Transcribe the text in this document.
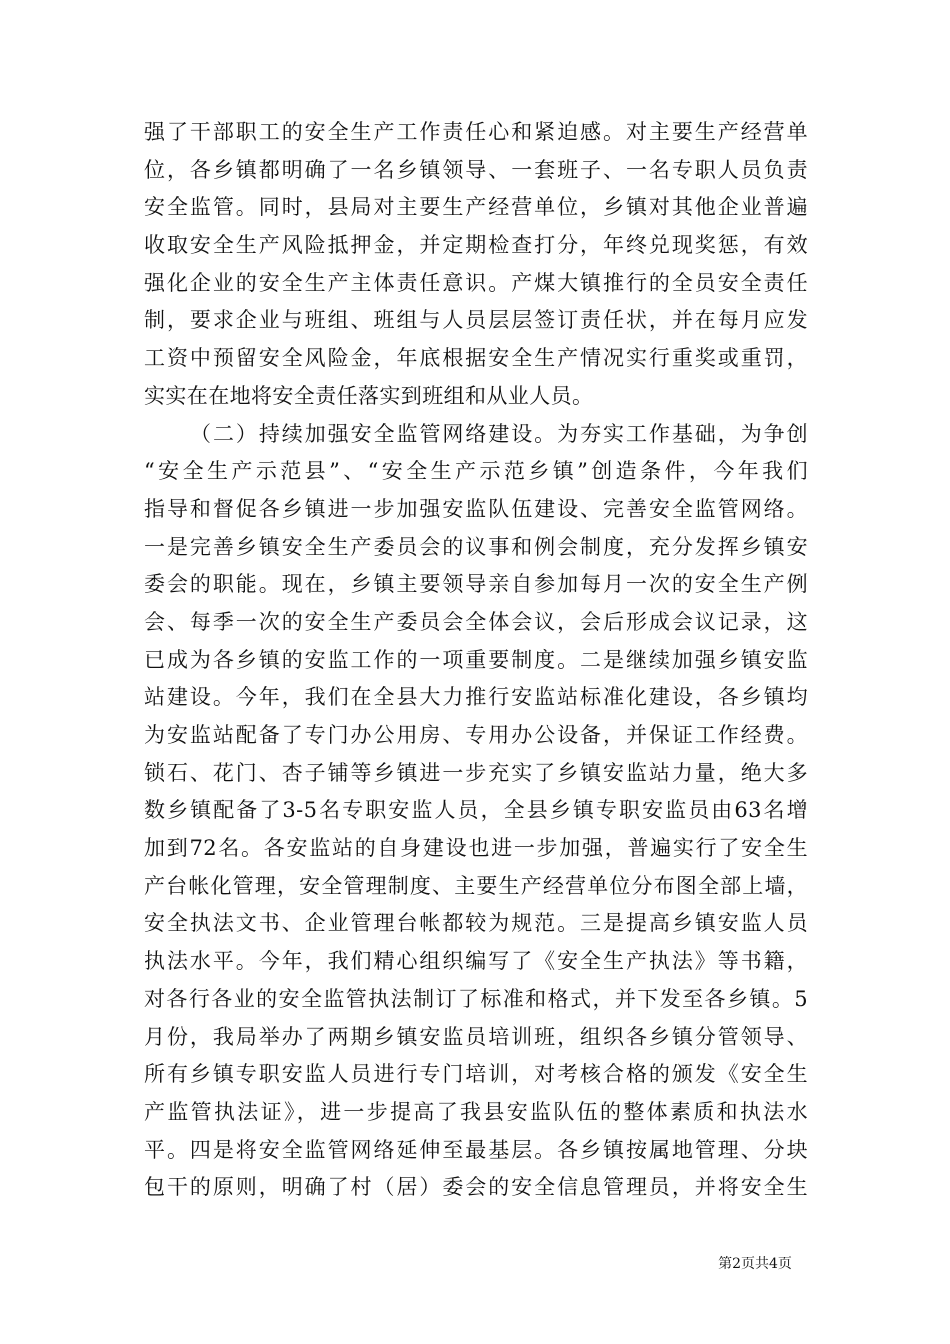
强了干部职工的安全生产工作责任心和紧迫感。对主要生产经营单
位，各乡镇都明确了一名乡镇领导、一套班子、一名专职人员负责
安全监管。同时，县局对主要生产经营单位，乡镇对其他企业普遍
收取安全生产风险抵押金，并定期检查打分，年终兑现奖惩，有效
强化企业的安全生产主体责任意识。产煤大镇推行的全员安全责任
制，要求企业与班组、班组与人员层层签订责任状，并在每月应发
工资中预留安全风险金，年底根据安全生产情况实行重奖或重罚，
实实在在地将安全责任落实到班组和从业人员。
（二）持续加强安全监管网络建设。为夯实工作基础，为争创
“安全生产示范县”、“安全生产示范乡镇”创造条件，今年我们
指导和督促各乡镇进一步加强安监队伍建设、完善安全监管网络。
一是完善乡镇安全生产委员会的议事和例会制度，充分发挥乡镇安
委会的职能。现在，乡镇主要领导亲自参加每月一次的安全生产例
会、每季一次的安全生产委员会全体会议，会后形成会议记录，这
已成为各乡镇的安监工作的一项重要制度。二是继续加强乡镇安监
站建设。今年，我们在全县大力推行安监站标准化建设，各乡镇均
为安监站配备了专门办公用房、专用办公设备，并保证工作经费。
锁石、花门、杏子铺等乡镇进一步充实了乡镇安监站力量，绝大多
数乡镇配备了3-5名专职安监人员，全县乡镇专职安监员由63名增
加到72名。各安监站的自身建设也进一步加强，普遍实行了安全生
产台帐化管理，安全管理制度、主要生产经营单位分布图全部上墙，
安全执法文书、企业管理台帐都较为规范。三是提高乡镇安监人员
执法水平。今年，我们精心组织编写了《安全生产执法》等书籍，
对各行各业的安全监管执法制订了标准和格式，并下发至各乡镇。5
月份，我局举办了两期乡镇安监员培训班，组织各乡镇分管领导、
所有乡镇专职安监人员进行专门培训，对考核合格的颁发《安全生
产监管执法证》，进一步提高了我县安监队伍的整体素质和执法水
平。四是将安全监管网络延伸至最基层。各乡镇按属地管理、分块
包干的原则，明确了村（居）委会的安全信息管理员，并将安全生
第2页共4页
